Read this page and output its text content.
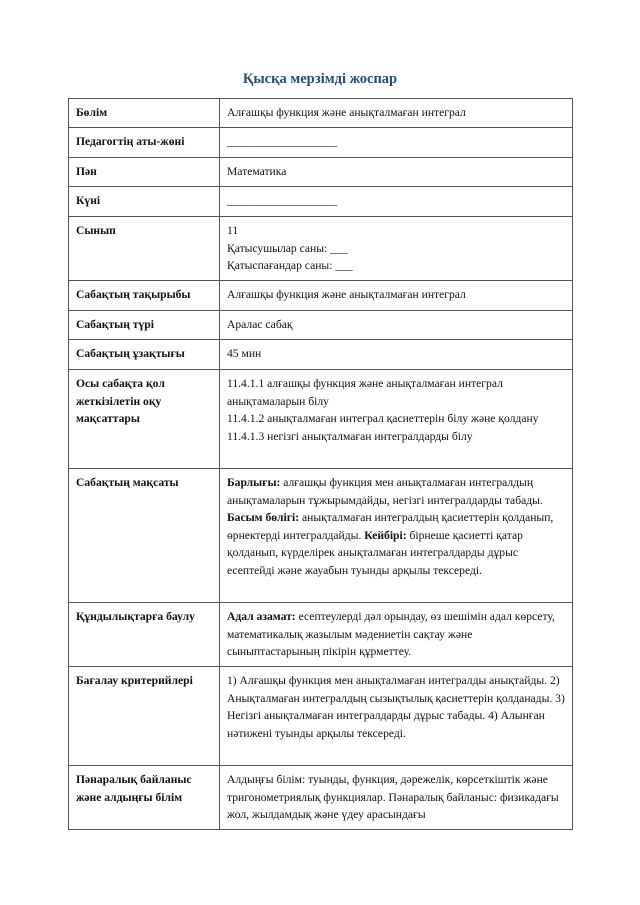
Қысқа мерзімді жоспар
Бөлім	Алғашқы функция және анықталмаған интеграл

Педагогтің аты-жөні	___________________

Пән	Математика

Күні	___________________

Сынып	11
Қатысушылар саны: ___
Қатыспағандар саны: ___

Сабақтың тақырыбы	Алғашқы функция және анықталмаған интеграл

Сабақтың түрі	Аралас сабақ

Сабақтың ұзақтығы	45 мин

Осы сабақта қол жеткізілетін оқу мақсаттары	11.4.1.1 алғашқы функция және анықталмаған интеграл анықтамаларын білу
11.4.1.2 анықталмаған интеграл қасиеттерін білу және қолдану
11.4.1.3 негізгі анықталмаған интегралдарды білу

Сабақтың мақсаты	Барлығы: алғашқы функция мен анықталмаған интегралдың анықтамаларын тұжырымдайды, негізгі интегралдарды табады. Басым бөлігі: анықталмаған интегралдың қасиеттерін қолданып, өрнектерді интегралдайды. Кейбірі: бірнеше қасиетті қатар қолданып, күрделірек анықталмаған интегралдарды дұрыс есептейді және жауабын туынды арқылы тексереді.
Құндылықтарға баулу	Адал азамат: есептеулерді дәл орындау, өз шешімін адал көрсету, математикалық жазылым мәдениетін сақтау және сыныптастарының пікірін құрметтеу.
Бағалау критерийлері	1) Алғашқы функция мен анықталмаған интегралды анықтайды. 2) Анықталмаған интегралдың сызықтылық қасиеттерін қолданады. 3) Негізгі анықталмаған интегралдарды дұрыс табады. 4) Алынған нәтижені туынды арқылы тексереді.
Пәнаралық байланыс және алдыңғы білім	Алдыңғы білім: туынды, функция, дәрежелік, көрсеткіштік және тригонометриялық функциялар. Пәнаралық байланыс: физикадағы жол, жылдамдық және үдеу арасындағы
